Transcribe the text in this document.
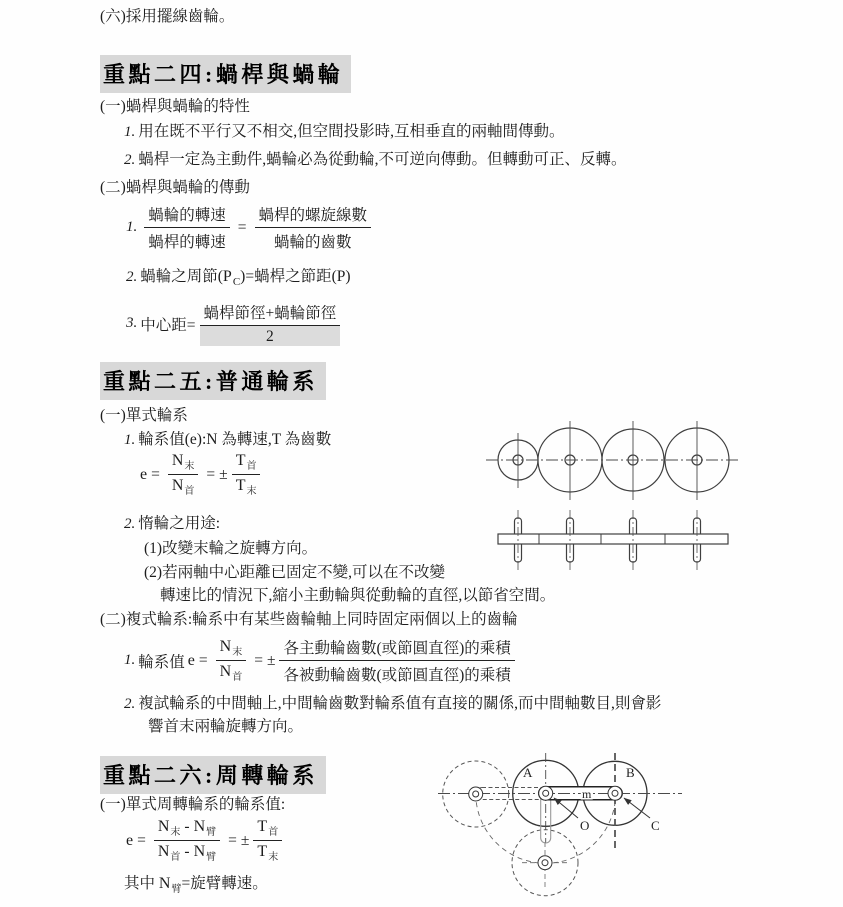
(六)採用擺線齒輪。
重點二四:蝸桿與蝸輪
(一)蝸桿與蝸輪的特性
1. 用在既不平行又不相交,但空間投影時,互相垂直的兩軸間傳動。
2. 蝸桿一定為主動件,蝸輪必為從動輪,不可逆向傳動。但轉動可正、反轉。
(二)蝸桿與蝸輪的傳動
1. $\frac{\text{蝸輪的轉速}}{\text{蝸桿的轉速}} = \frac{\text{蝸桿的螺旋線數}}{\text{蝸輪的齒數}}$
2. 蝸輪之周節$(P_C)=$蝸桿之節距(P)
3. 中心距= $\frac{\text{蝸桿節徑+蝸輪節徑}}{2}$
重點二五:普通輪系
(一)單式輪系
1. 輪系值(e):N 為轉速,T 為齒數
$e = \frac{N_末}{N_首}$ = ± $\frac{T_首}{T_末}$
2. 惰輪之用途:
(1)改變末輪之旋轉方向。
(2)若兩軸中心距離已固定不變,可以在不改變
轉速比的情況下,縮小主動輪與從動輪的直徑,以節省空間。
(二)複式輪系:輪系中有某些齒輪軸上同時固定兩個以上的齒輪
1. 輪系值 $e = \frac{N_末}{N_首}$ = ± $\frac{\text{各主動輪齒數(或節圓直徑)的乘積}}{\text{各被動輪齒數(或節圓直徑)的乘積}}$
2. 複試輪系的中間軸上,中間輪齒數對輪系值有直接的關係,而中間軸數目,則會影
響首末兩輪旋轉方向。
重點二六:周轉輪系
(一)單式周轉輪系的輪系值:
$e = \frac{N_末 - N_臂}{N_首 - N_臂}$ = ± $\frac{T_首}{T_末}$
其中 $N_臂=$旋臂轉速。
A	B
m
O	C
